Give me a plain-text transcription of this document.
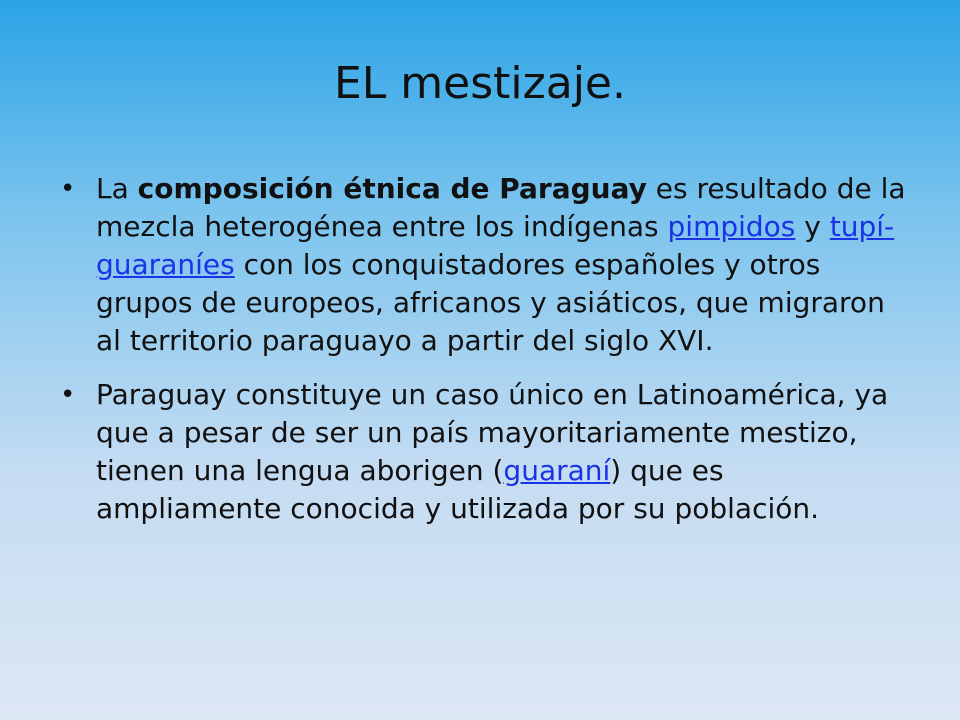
EL mestizaje.
• La composición étnica de Paraguay es resultado de la mezcla heterogénea entre los indígenas pimpidos y tupí-guaraníes con los conquistadores españoles y otros grupos de europeos, africanos y asiáticos, que migraron al territorio paraguayo a partir del siglo XVI.
• Paraguay constituye un caso único en Latinoamérica, ya que a pesar de ser un país mayoritariamente mestizo, tienen una lengua aborigen (guaraní) que es ampliamente conocida y utilizada por su población.
